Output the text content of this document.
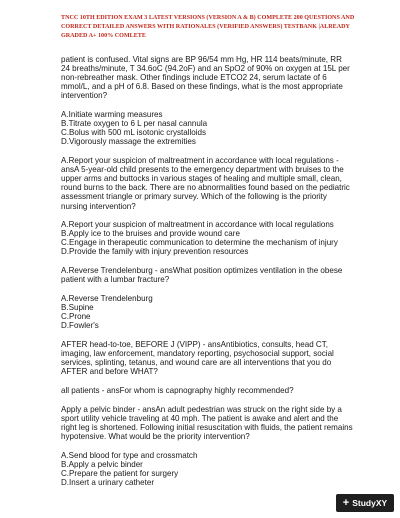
TNCC 10TH EDITION EXAM 3 LATEST VERSIONS (VERSION A & B) COMPLETE 200 QUESTIONS AND CORRECT DETAILED ANSWERS WITH RATIONALES (VERIFIED ANSWERS) TESTBANK |ALREADY GRADED A+ 100% COMLETE

patient is confused. Vital signs are BP 96/54 mm Hg, HR 114 beats/minute, RR 24 breaths/minute, T 34.6oC (94.2oF) and an SpO2 of 90% on oxygen at 15L per non-rebreather mask. Other findings include ETCO2 24, serum lactate of 6 mmol/L, and a pH of 6.8. Based on these findings, what is the most appropriate intervention?

A.Initiate warming measures

B.Titrate oxygen to 6 L per nasal cannula

C.Bolus with 500 mL isotonic crystalloids

D.Vigorously massage the extremities

A.Report your suspicion of maltreatment in accordance with local regulations - ansA 5-year-old child presents to the emergency department with bruises to the upper arms and buttocks in various stages of healing and multiple small, clean, round burns to the back. There are no abnormalities found based on the pediatric assessment triangle or primary survey. Which of the following is the priority nursing intervention?

A.Report your suspicion of maltreatment in accordance with local regulations

B.Apply ice to the bruises and provide wound care

C.Engage in therapeutic communication to determine the mechanism of injury

D.Provide the family with injury prevention resources

A.Reverse Trendelenburg - ansWhat position optimizes ventilation in the obese patient with a lumbar fracture?

A.Reverse Trendelenburg

B.Supine

C.Prone

D.Fowler's

AFTER head-to-toe, BEFORE J (VIPP) - ansAntibiotics, consults, head CT, imaging, law enforcement, mandatory reporting, psychosocial support, social services, splinting, tetanus, and wound care are all interventions that you do AFTER and before WHAT?

all patients - ansFor whom is capnography highly recommended?

Apply a pelvic binder - ansAn adult pedestrian was struck on the right side by a sport utility vehicle traveling at 40 mph. The patient is awake and alert and the right leg is shortened. Following initial resuscitation with fluids, the patient remains hypotensive. What would be the priority intervention?

A.Send blood for type and crossmatch

B.Apply a pelvic binder

C.Prepare the patient for surgery

D.Insert a urinary catheter

+ StudyXY
